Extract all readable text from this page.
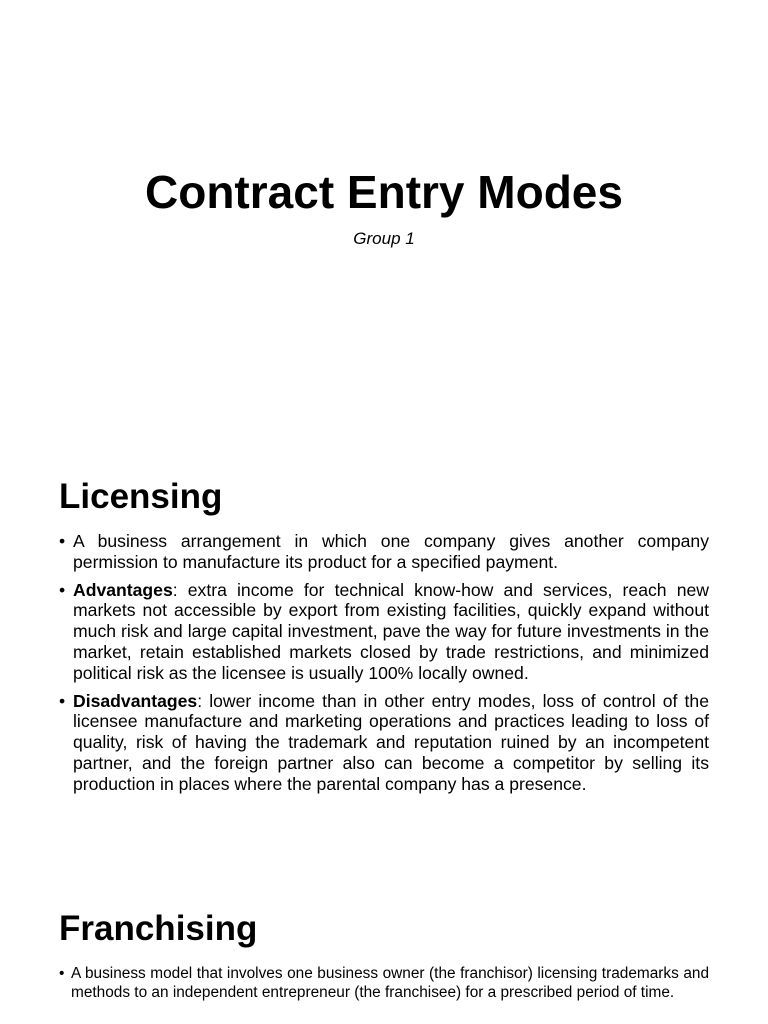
Contract Entry Modes

Group 1

Licensing
• A business arrangement in which one company gives another company permission to manufacture its product for a specified payment.
• Advantages: extra income for technical know-how and services, reach new markets not accessible by export from existing facilities, quickly expand without much risk and large capital investment, pave the way for future investments in the market, retain established markets closed by trade restrictions, and minimized political risk as the licensee is usually 100% locally owned.
• Disadvantages: lower income than in other entry modes, loss of control of the licensee manufacture and marketing operations and practices leading to loss of quality, risk of having the trademark and reputation ruined by an incompetent partner, and the foreign partner also can become a competitor by selling its production in places where the parental company has a presence.
Franchising
• A business model that involves one business owner (the franchisor) licensing trademarks and methods to an independent entrepreneur (the franchisee) for a prescribed period of time.
